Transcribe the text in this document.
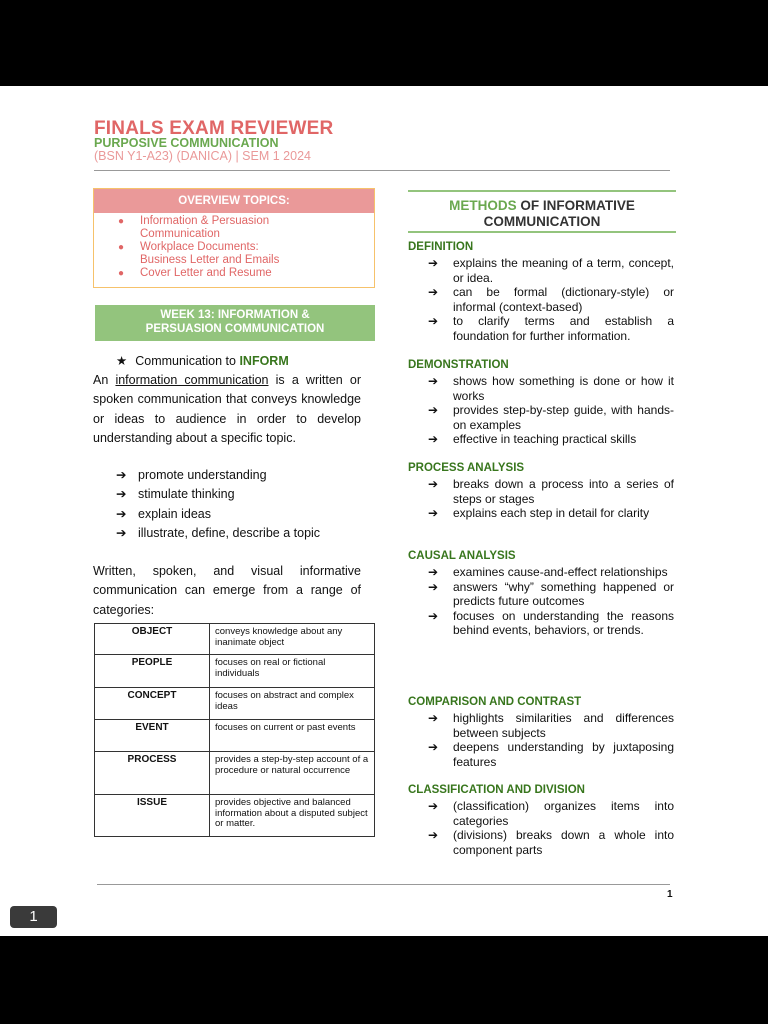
FINALS EXAM REVIEWER
PURPOSIVE COMMUNICATION
(BSN Y1-A23) (DANICA) | SEM 1 2024
OVERVIEW TOPICS:
● Information & Persuasion
Communication
● Workplace Documents:
Business Letter and Emails
● Cover Letter and Resume
WEEK 13: INFORMATION &
PERSUASION COMMUNICATION
★ Communication to INFORM
An information communication is a written or spoken communication that conveys knowledge or ideas to audience in order to develop understanding about a specific topic.
➔ promote understanding
➔ stimulate thinking
➔ explain ideas
➔ illustrate, define, describe a topic
Written, spoken, and visual informative communication can emerge from a range of categories:
OBJECT	conveys knowledge about any inanimate object
PEOPLE	focuses on real or fictional individuals
CONCEPT	focuses on abstract and complex ideas
EVENT	focuses on current or past events
PROCESS	provides a step-by-step account of a procedure or natural occurrence
ISSUE	provides objective and balanced information about a disputed subject or matter.
METHODS OF INFORMATIVE
COMMUNICATION
DEFINITION
➔ explains the meaning of a term, concept, or idea.
➔ can be formal (dictionary-style) or informal (context-based)
➔ to clarify terms and establish a foundation for further information.
DEMONSTRATION
➔ shows how something is done or how it works
➔ provides step-by-step guide, with hands-on examples
➔ effective in teaching practical skills
PROCESS ANALYSIS
➔ breaks down a process into a series of steps or stages
➔ explains each step in detail for clarity
CAUSAL ANALYSIS
➔ examines cause-and-effect relationships
➔ answers “why” something happened or predicts future outcomes
➔ focuses on understanding the reasons behind events, behaviors, or trends.
COMPARISON AND CONTRAST
➔ highlights similarities and differences between subjects
➔ deepens understanding by juxtaposing features
CLASSIFICATION AND DIVISION
➔ (classification) organizes items into categories
➔ (divisions) breaks down a whole into component parts
1
1
